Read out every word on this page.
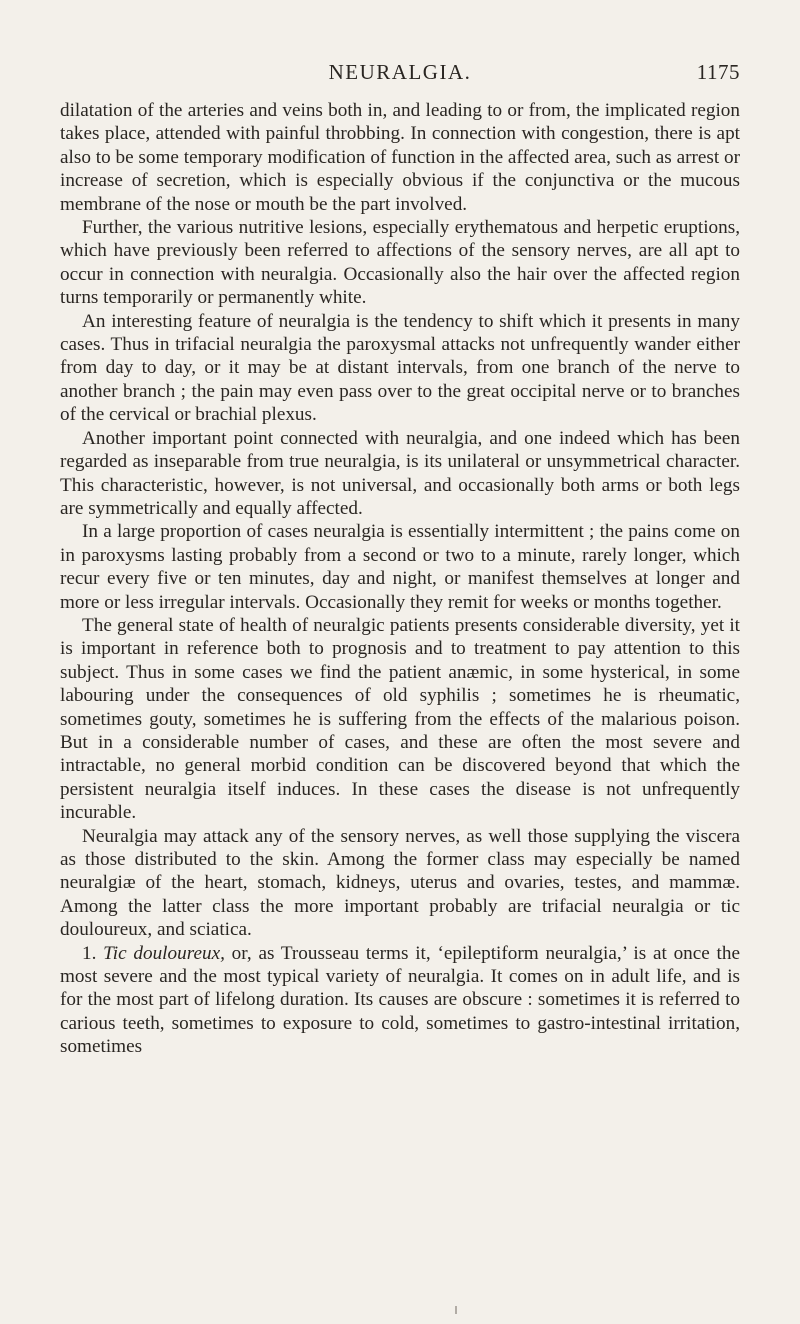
NEURALGIA.	1175

dilatation of the arteries and veins both in, and leading to or from, the implicated region takes place, attended with painful throbbing. In connection with congestion, there is apt also to be some temporary modification of function in the affected area, such as arrest or increase of secretion, which is especially obvious if the conjunctiva or the mucous membrane of the nose or mouth be the part involved.

Further, the various nutritive lesions, especially erythematous and herpetic eruptions, which have previously been referred to affections of the sensory nerves, are all apt to occur in connection with neuralgia. Occasionally also the hair over the affected region turns temporarily or permanently white.

An interesting feature of neuralgia is the tendency to shift which it presents in many cases. Thus in trifacial neuralgia the paroxysmal attacks not unfrequently wander either from day to day, or it may be at distant intervals, from one branch of the nerve to another branch ; the pain may even pass over to the great occipital nerve or to branches of the cervical or brachial plexus.

Another important point connected with neuralgia, and one indeed which has been regarded as inseparable from true neuralgia, is its unilateral or unsymmetrical character. This characteristic, however, is not universal, and occasionally both arms or both legs are symmetrically and equally affected.

In a large proportion of cases neuralgia is essentially intermittent ; the pains come on in paroxysms lasting probably from a second or two to a minute, rarely longer, which recur every five or ten minutes, day and night, or manifest themselves at longer and more or less irregular intervals. Occasionally they remit for weeks or months together.

The general state of health of neuralgic patients presents considerable diversity, yet it is important in reference both to prognosis and to treatment to pay attention to this subject. Thus in some cases we find the patient anæmic, in some hysterical, in some labouring under the consequences of old syphilis ; sometimes he is rheumatic, sometimes gouty, sometimes he is suffering from the effects of the malarious poison. But in a considerable number of cases, and these are often the most severe and intractable, no general morbid condition can be discovered beyond that which the persistent neuralgia itself induces. In these cases the disease is not unfrequently incurable.

Neuralgia may attack any of the sensory nerves, as well those supplying the viscera as those distributed to the skin. Among the former class may especially be named neuralgiæ of the heart, stomach, kidneys, uterus and ovaries, testes, and mammæ. Among the latter class the more important probably are trifacial neuralgia or tic douloureux, and sciatica.

1. Tic douloureux, or, as Trousseau terms it, ‘epileptiform neuralgia,’ is at once the most severe and the most typical variety of neuralgia. It comes on in adult life, and is for the most part of lifelong duration. Its causes are obscure : sometimes it is referred to carious teeth, sometimes to exposure to cold, sometimes to gastro-intestinal irritation, sometimes
